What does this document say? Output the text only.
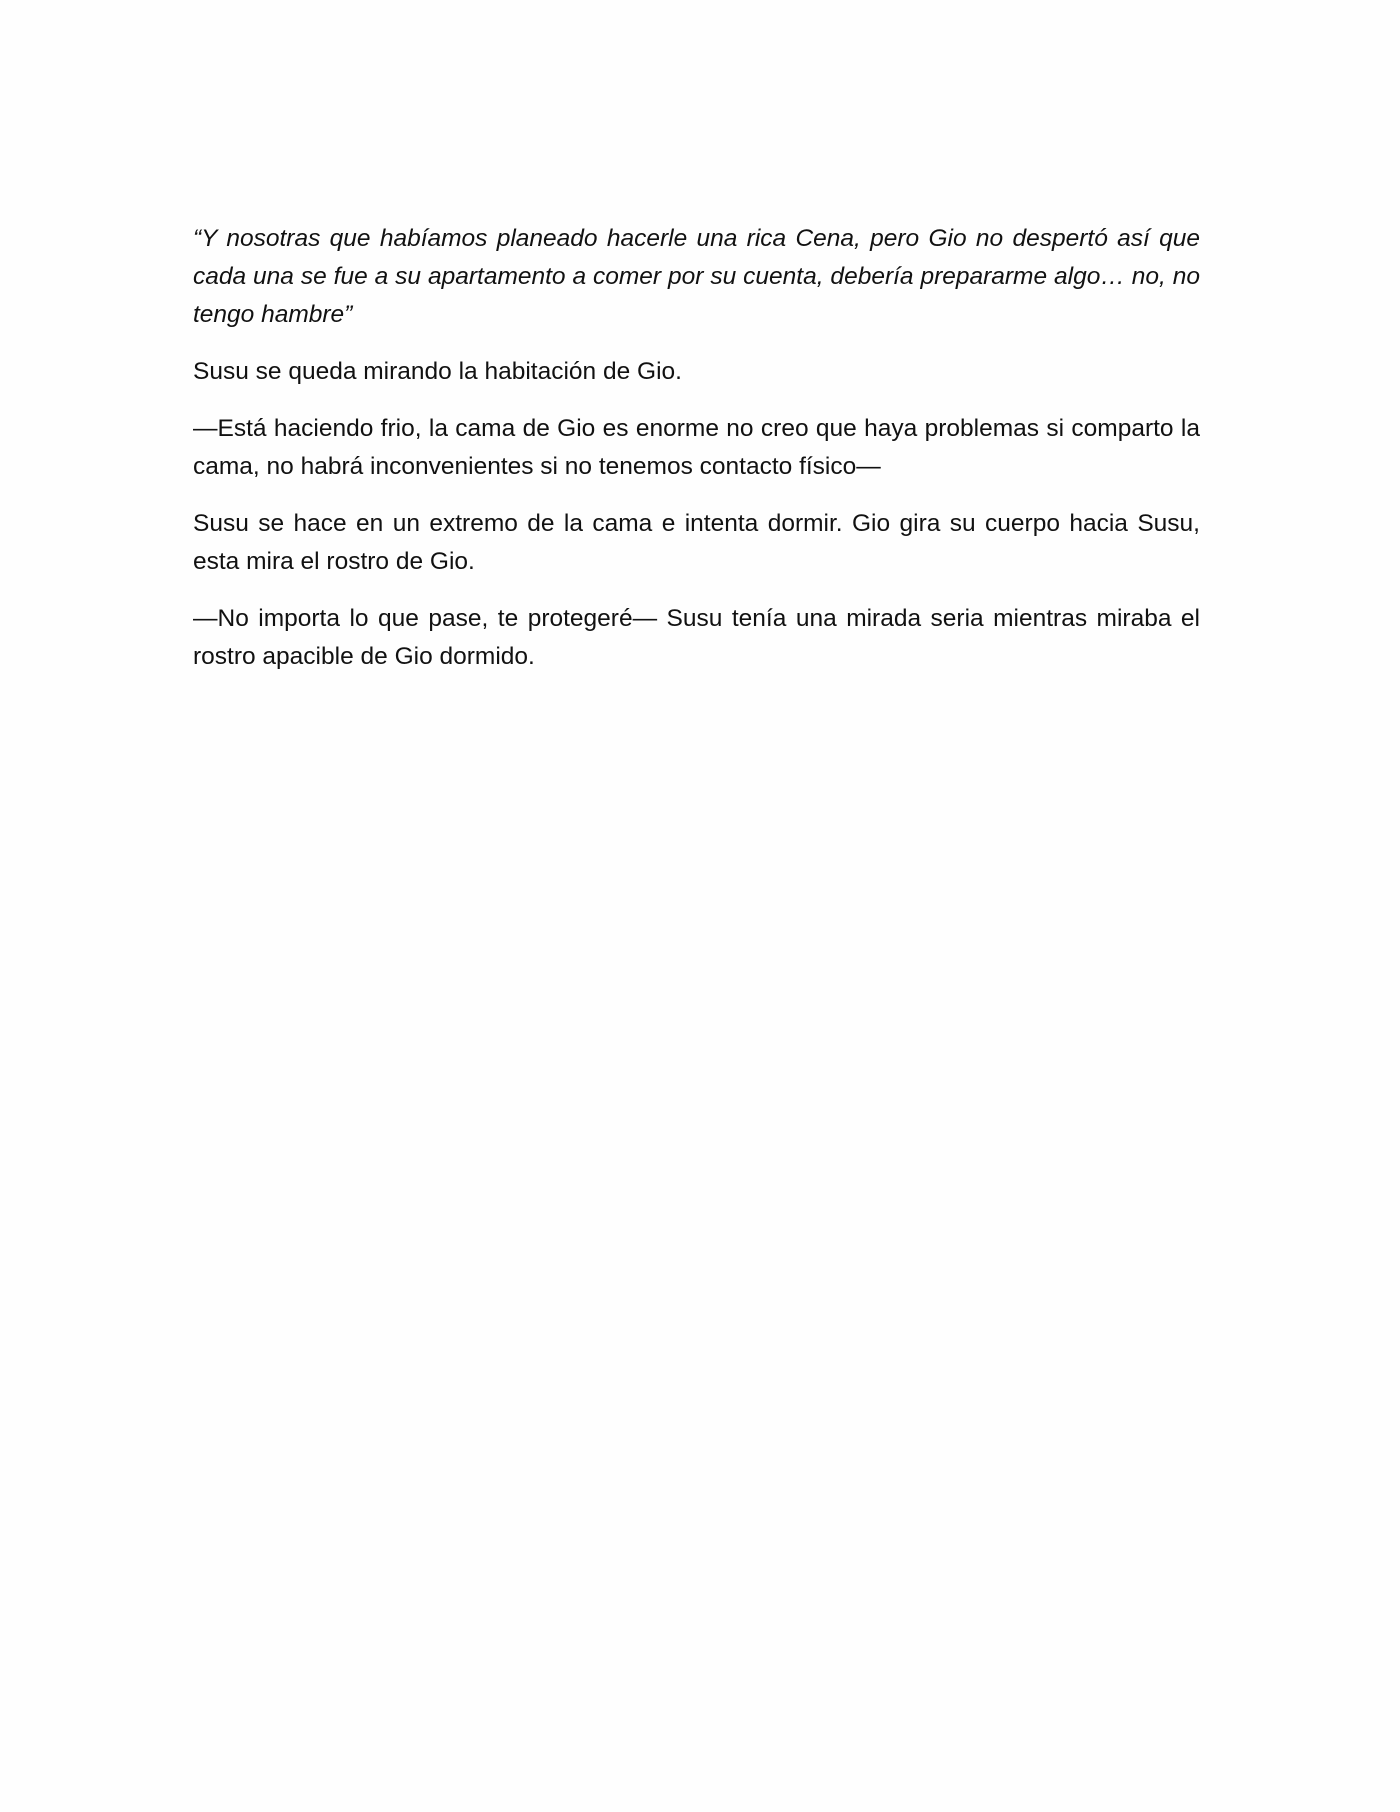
“Y nosotras que habíamos planeado hacerle una rica Cena, pero Gio no despertó así que cada una se fue a su apartamento a comer por su cuenta, debería prepararme algo… no, no tengo hambre”

Susu se queda mirando la habitación de Gio.

—Está haciendo frio, la cama de Gio es enorme no creo que haya problemas si comparto la cama, no habrá inconvenientes si no tenemos contacto físico—

Susu se hace en un extremo de la cama e intenta dormir. Gio gira su cuerpo hacia Susu, esta mira el rostro de Gio.

—No importa lo que pase, te protegeré— Susu tenía una mirada seria mientras miraba el rostro apacible de Gio dormido.
